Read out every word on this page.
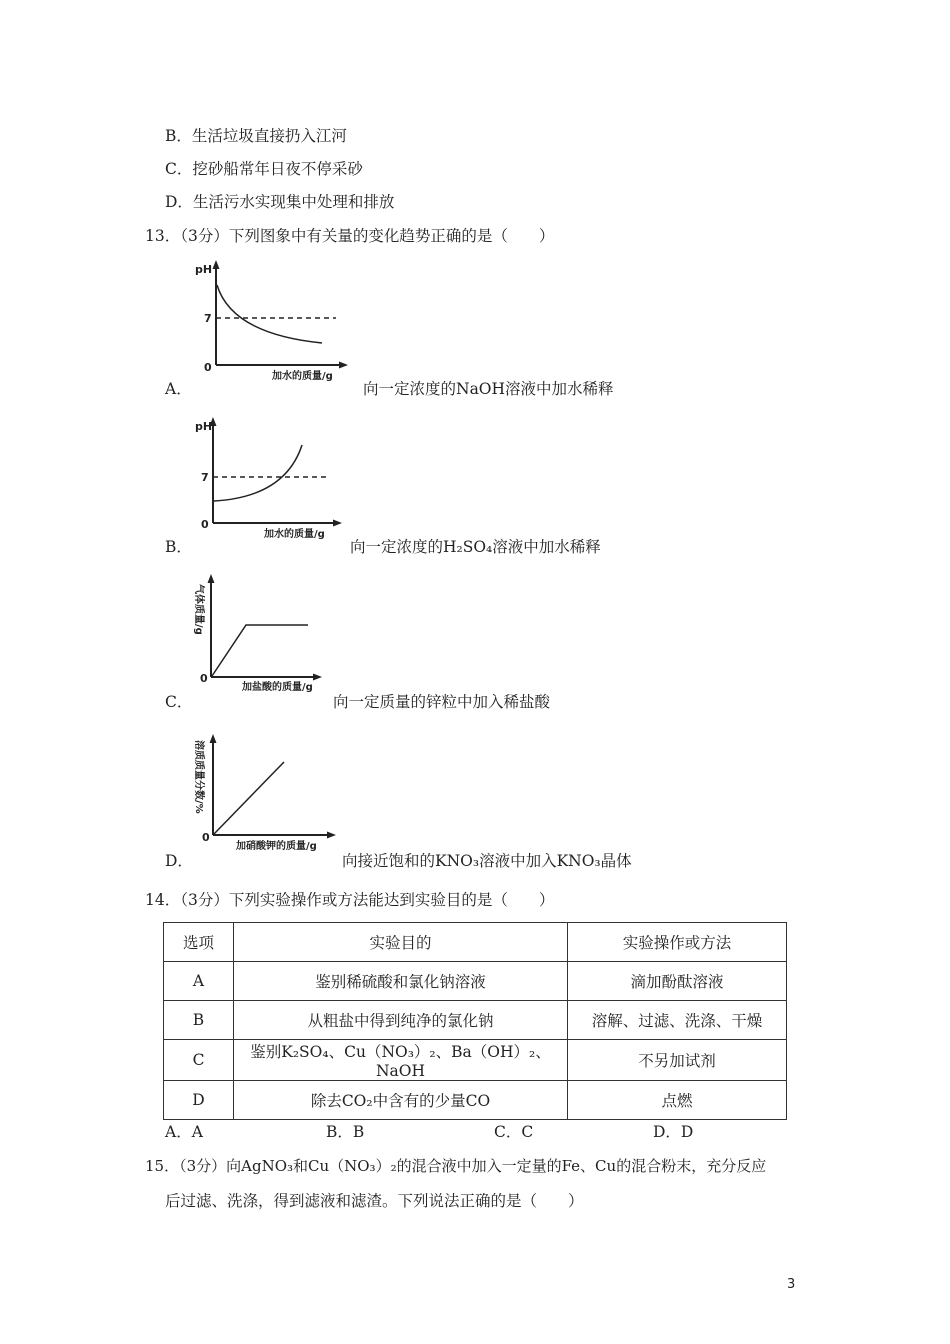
B．生活垃圾直接扔入江河
C．挖砂船常年日夜不停采砂
D．生活污水实现集中处理和排放
13．（3分）下列图象中有关量的变化趋势正确的是（　　）
pH
7
0
加水的质量/g
A．	向一定浓度的NaOH溶液中加水稀释
pH
7
0
加水的质量/g
B．	向一定浓度的H₂SO₄溶液中加水稀释
气体质量/g
0
加盐酸的质量/g
C．	向一定质量的锌粒中加入稀盐酸
溶质质量分数/%
0
加硝酸钾的质量/g
D．	向接近饱和的KNO₃溶液中加入KNO₃晶体
14．（3分）下列实验操作或方法能达到实验目的是（　　）
选项	实验目的	实验操作或方法
A	鉴别稀硫酸和氯化钠溶液	滴加酚酞溶液
B	从粗盐中得到纯净的氯化钠	溶解、过滤、洗涤、干燥
C	鉴别K₂SO₄、Cu（NO₃）₂、Ba（OH）₂、NaOH	不另加试剂
D	除去CO₂中含有的少量CO	点燃
A．A	B．B	C．C	D．D
15．（3分）向AgNO₃和Cu（NO₃）₂的混合液中加入一定量的Fe、Cu的混合粉末，充分反应
后过滤、洗涤，得到滤液和滤渣。下列说法正确的是（　　）
3
